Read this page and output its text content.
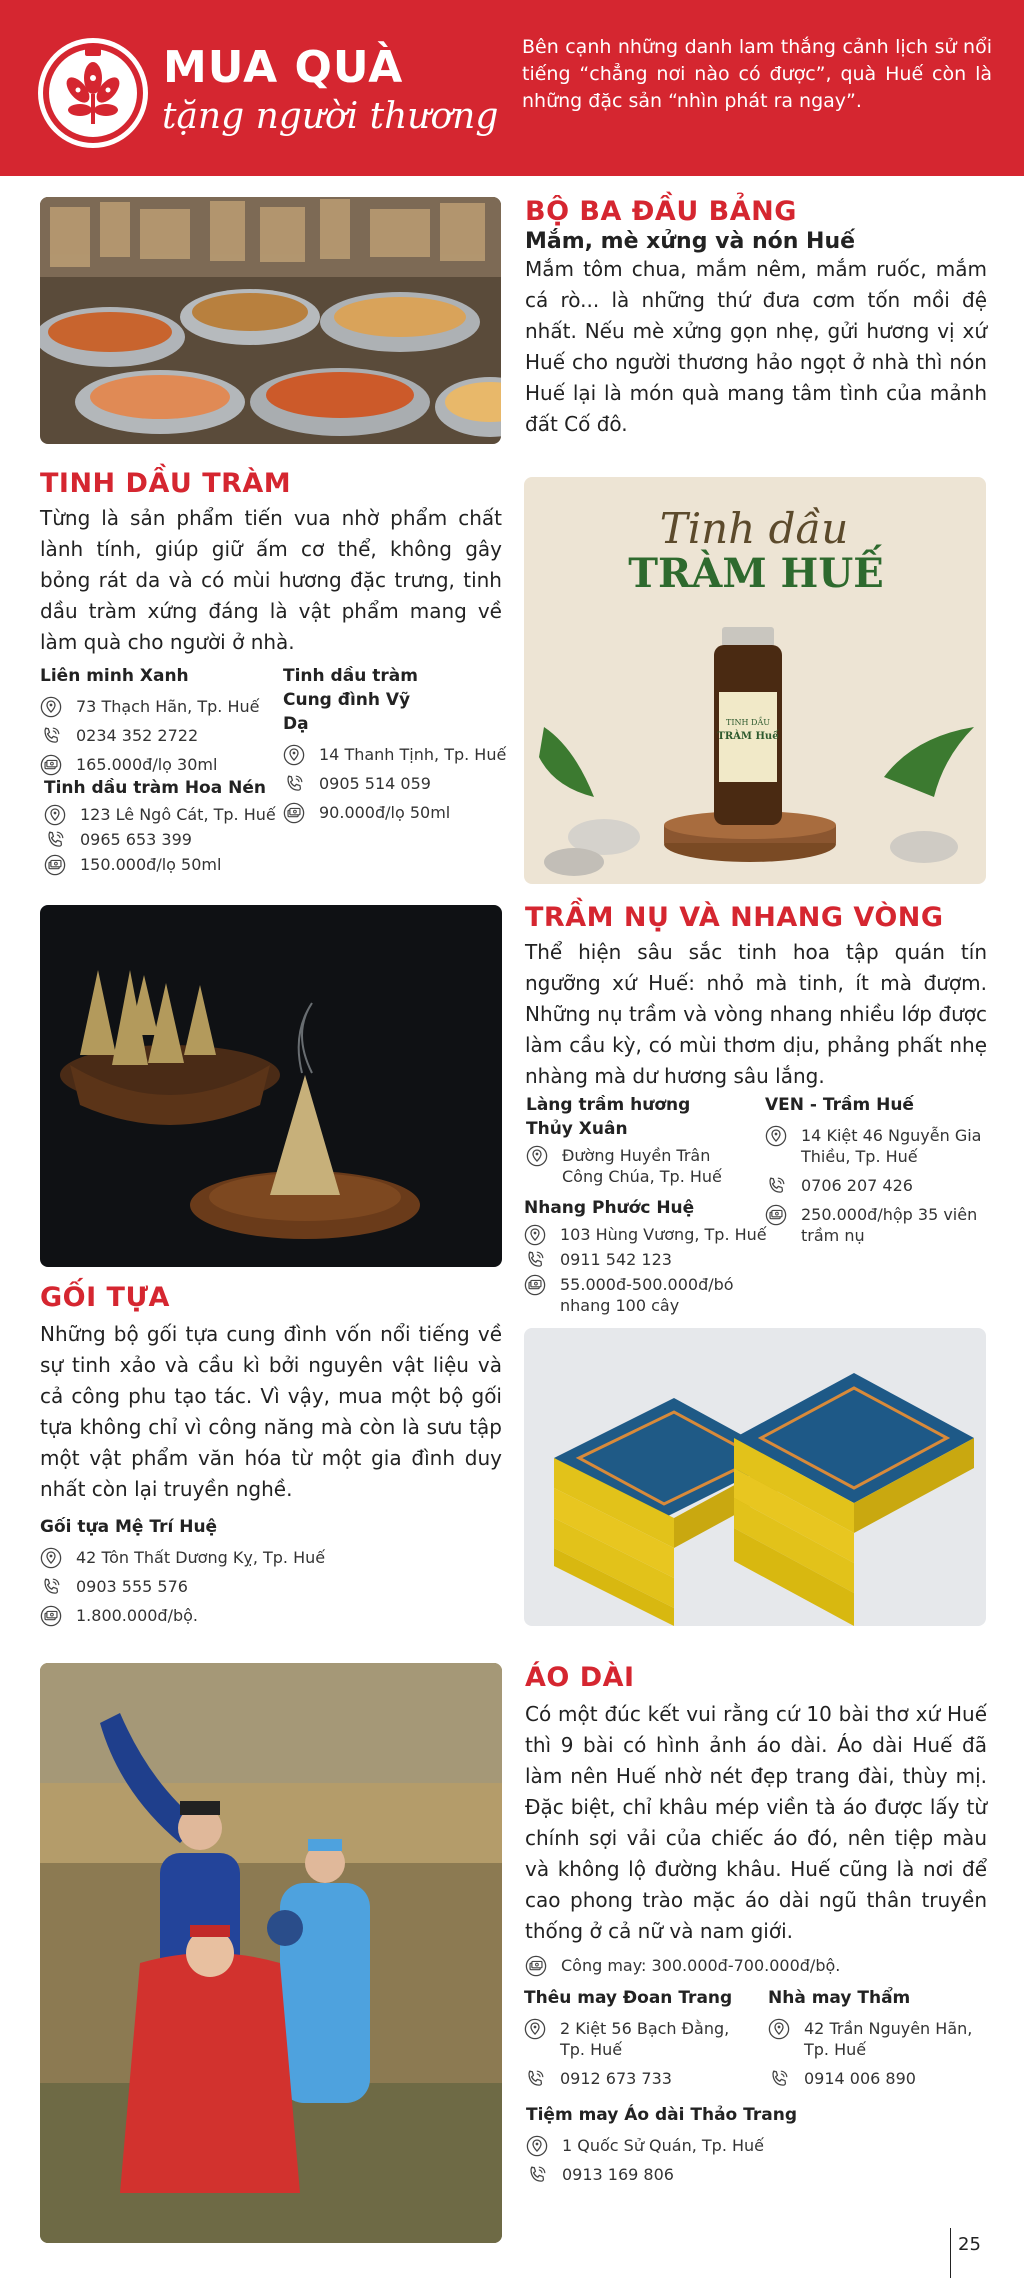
MUA QUÀ
tặng người thương
Bên cạnh những danh lam thắng cảnh lịch sử nổi tiếng “chẳng nơi nào có được”, quà Huế còn là những đặc sản “nhìn phát ra ngay”.
BỘ BA ĐẦU BẢNG
Mắm, mè xửng và nón Huế
Mắm tôm chua, mắm nêm, mắm ruốc, mắm cá rò... là những thứ đưa cơm tốn mồi đệ nhất. Nếu mè xửng gọn nhẹ, gửi hương vị xứ Huế cho người thương hảo ngọt ở nhà thì nón Huế lại là món quà mang tâm tình của mảnh đất Cố đô.
TINH DẦU TRÀM
Từng là sản phẩm tiến vua nhờ phẩm chất lành tính, giúp giữ ấm cơ thể, không gây bỏng rát da và có mùi hương đặc trưng, tinh dầu tràm xứng đáng là vật phẩm mang về làm quà cho người ở nhà.
Liên minh Xanh
73 Thạch Hãn, Tp. Huế
0234 352 2722
165.000đ/lọ 30ml
Tinh dầu tràm Cung đình Vỹ Dạ
14 Thanh Tịnh, Tp. Huế
0905 514 059
90.000đ/lọ 50ml
Tinh dầu tràm Hoa Nén
123 Lê Ngô Cát, Tp. Huế
0965 653 399
150.000đ/lọ 50ml
Tinh dầu
TRÀM HUẾ
TINH DẦU
TRÀM Huế
TRẦM NỤ VÀ NHANG VÒNG
Thể hiện sâu sắc tinh hoa tập quán tín ngưỡng xứ Huế: nhỏ mà tinh, ít mà đượm. Những nụ trầm và vòng nhang nhiều lớp được làm cầu kỳ, có mùi thơm dịu, phảng phất nhẹ nhàng mà dư hương sâu lắng.
Làng trầm hương Thủy Xuân
Đường Huyền Trân Công Chúa, Tp. Huế
Nhang Phước Huệ
103 Hùng Vương, Tp. Huế
0911 542 123
55.000đ-500.000đ/bó nhang 100 cây
VEN - Trầm Huế
14 Kiệt 46 Nguyễn Gia Thiều, Tp. Huế
0706 207 426
250.000đ/hộp 35 viên trầm nụ
GỐI TỰA
Những bộ gối tựa cung đình vốn nổi tiếng về sự tinh xảo và cầu kì bởi nguyên vật liệu và cả công phu tạo tác. Vì vậy, mua một bộ gối tựa không chỉ vì công năng mà còn là sưu tập một vật phẩm văn hóa từ một gia đình duy nhất còn lại truyền nghề.
Gối tựa Mệ Trí Huệ
42 Tôn Thất Dương Kỵ, Tp. Huế
0903 555 576
1.800.000đ/bộ.
ÁO DÀI
Có một đúc kết vui rằng cứ 10 bài thơ xứ Huế thì 9 bài có hình ảnh áo dài. Áo dài Huế đã làm nên Huế nhờ nét đẹp trang đài, thùy mị. Đặc biệt, chỉ khâu mép viền tà áo được lấy từ chính sợi vải của chiếc áo đó, nên tiệp màu và không lộ đường khâu. Huế cũng là nơi để cao phong trào mặc áo dài ngũ thân truyền thống ở cả nữ và nam giới.
Công may: 300.000đ-700.000đ/bộ.
Thêu may Đoan Trang
2 Kiệt 56 Bạch Đằng, Tp. Huế
0912 673 733
Nhà may Thẩm
42 Trần Nguyên Hãn, Tp. Huế
0914 006 890
Tiệm may Áo dài Thảo Trang
1 Quốc Sử Quán, Tp. Huế
0913 169 806
25
